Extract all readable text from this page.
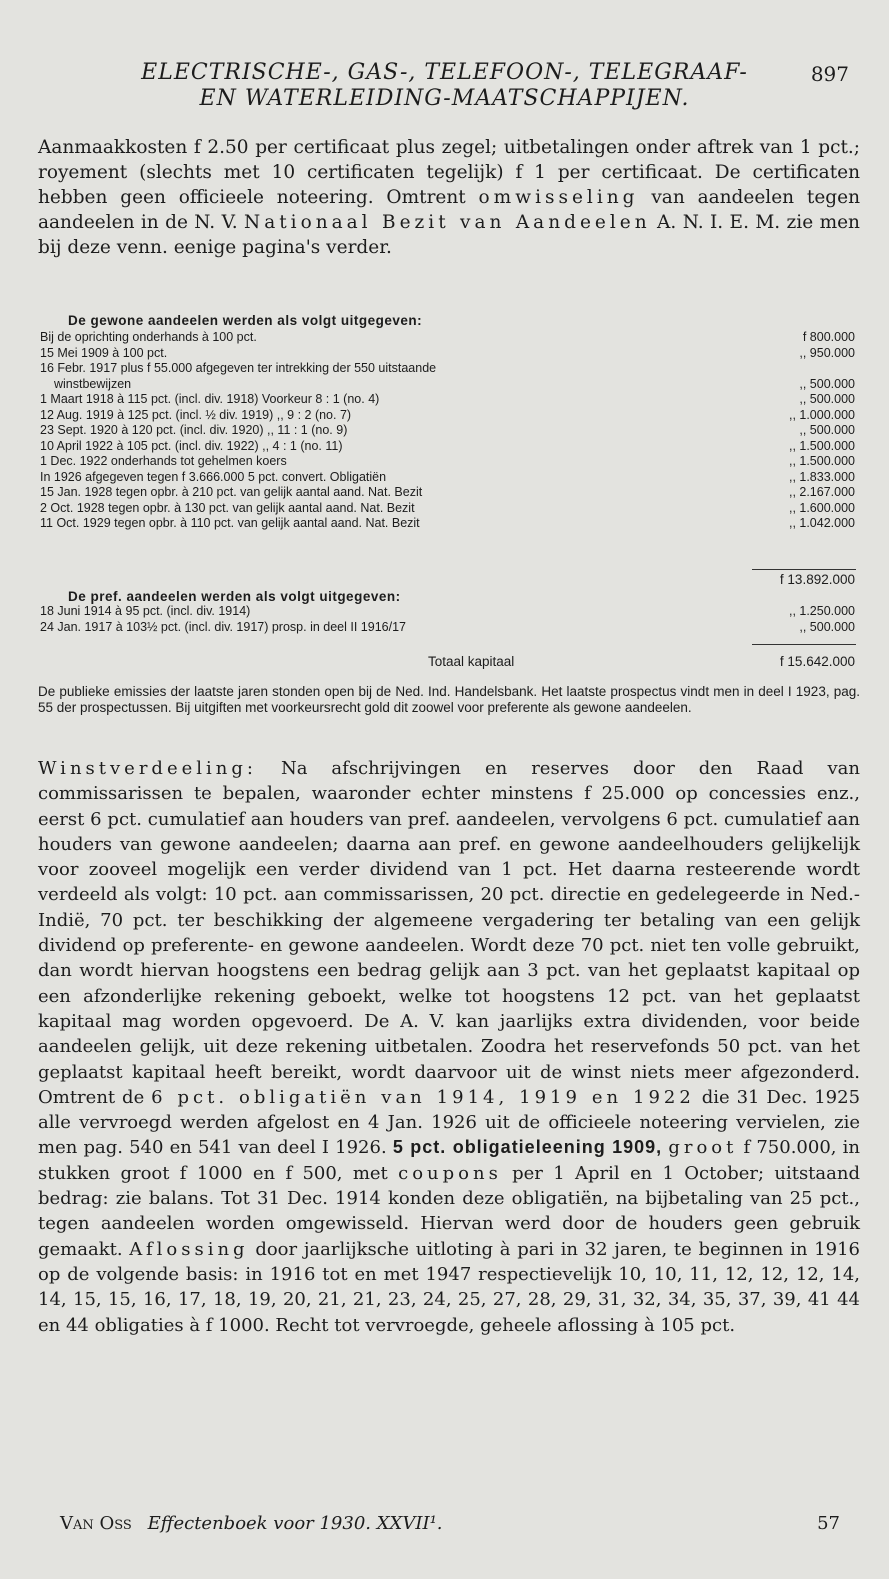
ELECTRISCHE-, GAS-, TELEFOON-, TELEGRAAF-
EN WATERLEIDING-MAATSCHAPPIJEN.
897
Aanmaakkosten f 2.50 per certificaat plus zegel; uitbetalingen onder aftrek van 1 pct.; royement (slechts met 10 certificaten tegelijk) f 1 per certificaat. De certificaten hebben geen officieele noteering. Omtrent omwisseling van aandeelen tegen aandeelen in de N. V. Nationaal Bezit van Aandeelen A. N. I. E. M. zie men bij deze venn. eenige pagina's verder.
De gewone aandeelen werden als volgt uitgegeven:
Bij de oprichting onderhands à 100 pct.	f 800.000
15 Mei 1909 à 100 pct.	,, 950.000
16 Febr. 1917 plus f 55.000 afgegeven ter intrekking der 550 uitstaande
winstbewijzen	,, 500.000
1 Maart 1918 à 115 pct. (incl. div. 1918) Voorkeur 8 : 1 (no. 4)	,, 500.000
12 Aug. 1919 à 125 pct. (incl. ½ div. 1919) ,, 9 : 2 (no. 7)	,, 1.000.000
23 Sept. 1920 à 120 pct. (incl. div. 1920) ,, 11 : 1 (no. 9)	,, 500.000
10 April 1922 à 105 pct. (incl. div. 1922) ,, 4 : 1 (no. 11)	,, 1.500.000
1 Dec. 1922 onderhands tot gehelmen koers	,, 1.500.000
In 1926 afgegeven tegen f 3.666.000 5 pct. convert. Obligatiën	,, 1.833.000
15 Jan. 1928 tegen opbr. à 210 pct. van gelijk aantal aand. Nat. Bezit	,, 2.167.000
2 Oct. 1928 tegen opbr. à 130 pct. van gelijk aantal aand. Nat. Bezit	,, 1.600.000
11 Oct. 1929 tegen opbr. à 110 pct. van gelijk aantal aand. Nat. Bezit	,, 1.042.000
f 13.892.000
De pref. aandeelen werden als volgt uitgegeven:
18 Juni 1914 à 95 pct. (incl. div. 1914)	,, 1.250.000
24 Jan. 1917 à 103½ pct. (incl. div. 1917) prosp. in deel II 1916/17	,, 500.000
Totaal kapitaal	f 15.642.000
De publieke emissies der laatste jaren stonden open bij de Ned. Ind. Handelsbank. Het laatste prospectus vindt men in deel I 1923, pag. 55 der prospectussen. Bij uitgiften met voorkeursrecht gold dit zoowel voor preferente als gewone aandeelen.
Winstverdeeling: Na afschrijvingen en reserves door den Raad van commissarissen te bepalen, waaronder echter minstens f 25.000 op concessies enz., eerst 6 pct. cumulatief aan houders van pref. aandeelen, vervolgens 6 pct. cumulatief aan houders van gewone aandeelen; daarna aan pref. en gewone aandeelhouders gelijkelijk voor zooveel mogelijk een verder dividend van 1 pct. Het daarna resteerende wordt verdeeld als volgt: 10 pct. aan commissarissen, 20 pct. directie en gedelegeerde in Ned.-Indië, 70 pct. ter beschikking der algemeene vergadering ter betaling van een gelijk dividend op preferente- en gewone aandeelen. Wordt deze 70 pct. niet ten volle gebruikt, dan wordt hiervan hoogstens een bedrag gelijk aan 3 pct. van het geplaatst kapitaal op een afzonderlijke rekening geboekt, welke tot hoogstens 12 pct. van het geplaatst kapitaal mag worden opgevoerd. De A. V. kan jaarlijks extra dividenden, voor beide aandeelen gelijk, uit deze rekening uitbetalen. Zoodra het reservefonds 50 pct. van het geplaatst kapitaal heeft bereikt, wordt daarvoor uit de winst niets meer afgezonderd. Omtrent de 6 pct. obligatiën van 1914, 1919 en 1922 die 31 Dec. 1925 alle vervroegd werden afgelost en 4 Jan. 1926 uit de officieele noteering vervielen, zie men pag. 540 en 541 van deel I 1926. 5 pct. obligatieleening 1909, groot f 750.000, in stukken groot f 1000 en f 500, met coupons per 1 April en 1 October; uitstaand bedrag: zie balans. Tot 31 Dec. 1914 konden deze obligatiën, na bijbetaling van 25 pct., tegen aandeelen worden omgewisseld. Hiervan werd door de houders geen gebruik gemaakt. Aflossing door jaarlijksche uitloting à pari in 32 jaren, te beginnen in 1916 op de volgende basis: in 1916 tot en met 1947 respectievelijk 10, 10, 11, 12, 12, 12, 14, 14, 15, 15, 16, 17, 18, 19, 20, 21, 21, 23, 24, 25, 27, 28, 29, 31, 32, 34, 35, 37, 39, 41 44 en 44 obligaties à f 1000. Recht tot vervroegde, geheele aflossing à 105 pct.
Van Oss Effectenboek voor 1930. XXVII¹.	57
